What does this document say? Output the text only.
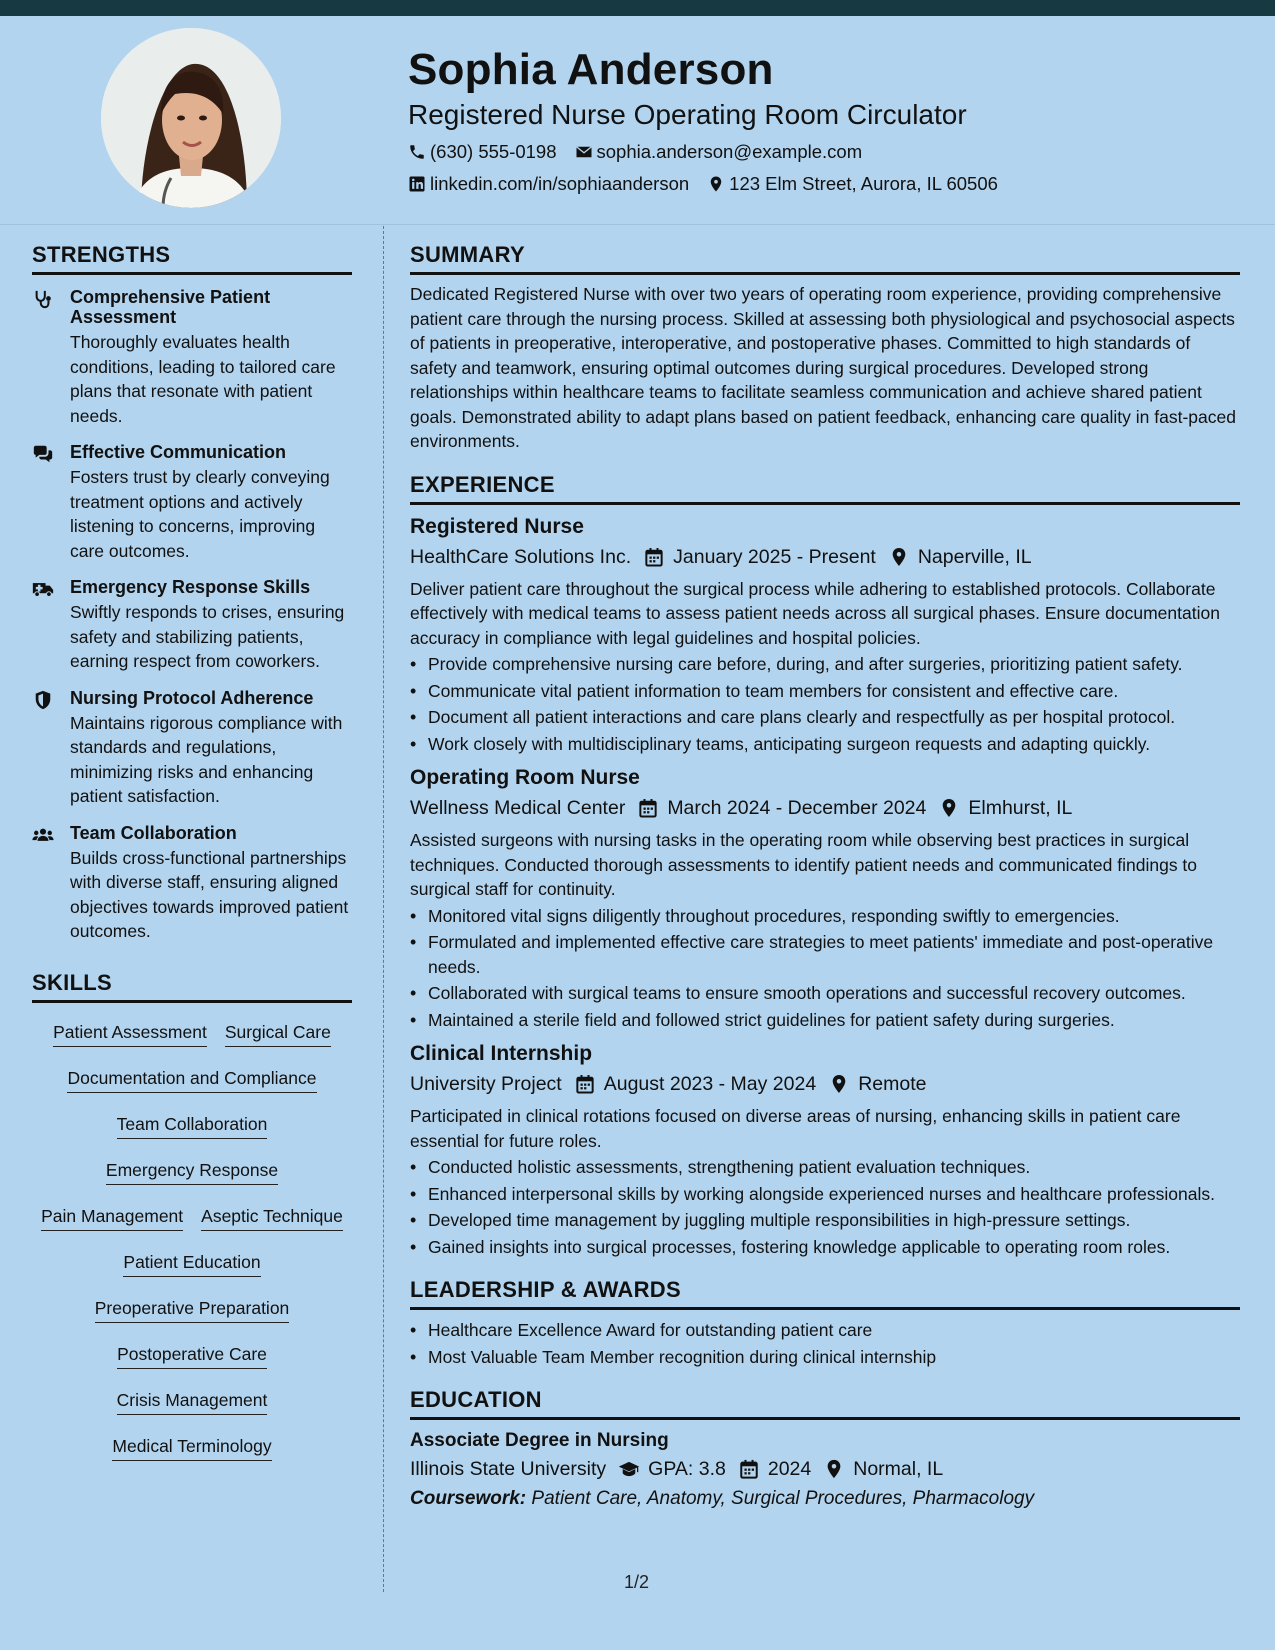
Sophia Anderson
Registered Nurse Operating Room Circulator
(630) 555-0198 sophia.anderson@example.com
linkedin.com/in/sophiaanderson 123 Elm Street, Aurora, IL 60506
STRENGTHS
Comprehensive Patient Assessment
Thoroughly evaluates health conditions, leading to tailored care plans that resonate with patient needs.
Effective Communication
Fosters trust by clearly conveying treatment options and actively listening to concerns, improving care outcomes.
Emergency Response Skills
Swiftly responds to crises, ensuring safety and stabilizing patients, earning respect from coworkers.
Nursing Protocol Adherence
Maintains rigorous compliance with standards and regulations, minimizing risks and enhancing patient satisfaction.
Team Collaboration
Builds cross-functional partnerships with diverse staff, ensuring aligned objectives towards improved patient outcomes.
SKILLS
Patient Assessment Surgical Care
Documentation and Compliance
Team Collaboration
Emergency Response
Pain Management Aseptic Technique
Patient Education
Preoperative Preparation
Postoperative Care
Crisis Management
Medical Terminology
SUMMARY
Dedicated Registered Nurse with over two years of operating room experience, providing comprehensive patient care through the nursing process. Skilled at assessing both physiological and psychosocial aspects of patients in preoperative, interoperative, and postoperative phases. Committed to high standards of safety and teamwork, ensuring optimal outcomes during surgical procedures. Developed strong relationships within healthcare teams to facilitate seamless communication and achieve shared patient goals. Demonstrated ability to adapt plans based on patient feedback, enhancing care quality in fast-paced environments.
EXPERIENCE
Registered Nurse
HealthCare Solutions Inc. January 2025 - Present Naperville, IL
Deliver patient care throughout the surgical process while adhering to established protocols. Collaborate effectively with medical teams to assess patient needs across all surgical phases. Ensure documentation accuracy in compliance with legal guidelines and hospital policies.
• Provide comprehensive nursing care before, during, and after surgeries, prioritizing patient safety.
• Communicate vital patient information to team members for consistent and effective care.
• Document all patient interactions and care plans clearly and respectfully as per hospital protocol.
• Work closely with multidisciplinary teams, anticipating surgeon requests and adapting quickly.
Operating Room Nurse
Wellness Medical Center March 2024 - December 2024 Elmhurst, IL
Assisted surgeons with nursing tasks in the operating room while observing best practices in surgical techniques. Conducted thorough assessments to identify patient needs and communicated findings to surgical staff for continuity.
• Monitored vital signs diligently throughout procedures, responding swiftly to emergencies.
• Formulated and implemented effective care strategies to meet patients' immediate and post-operative needs.
• Collaborated with surgical teams to ensure smooth operations and successful recovery outcomes.
• Maintained a sterile field and followed strict guidelines for patient safety during surgeries.
Clinical Internship
University Project August 2023 - May 2024 Remote
Participated in clinical rotations focused on diverse areas of nursing, enhancing skills in patient care essential for future roles.
• Conducted holistic assessments, strengthening patient evaluation techniques.
• Enhanced interpersonal skills by working alongside experienced nurses and healthcare professionals.
• Developed time management by juggling multiple responsibilities in high-pressure settings.
• Gained insights into surgical processes, fostering knowledge applicable to operating room roles.
LEADERSHIP & AWARDS
• Healthcare Excellence Award for outstanding patient care
• Most Valuable Team Member recognition during clinical internship
EDUCATION
Associate Degree in Nursing
Illinois State University GPA: 3.8 2024 Normal, IL
Coursework: Patient Care, Anatomy, Surgical Procedures, Pharmacology
1/2
